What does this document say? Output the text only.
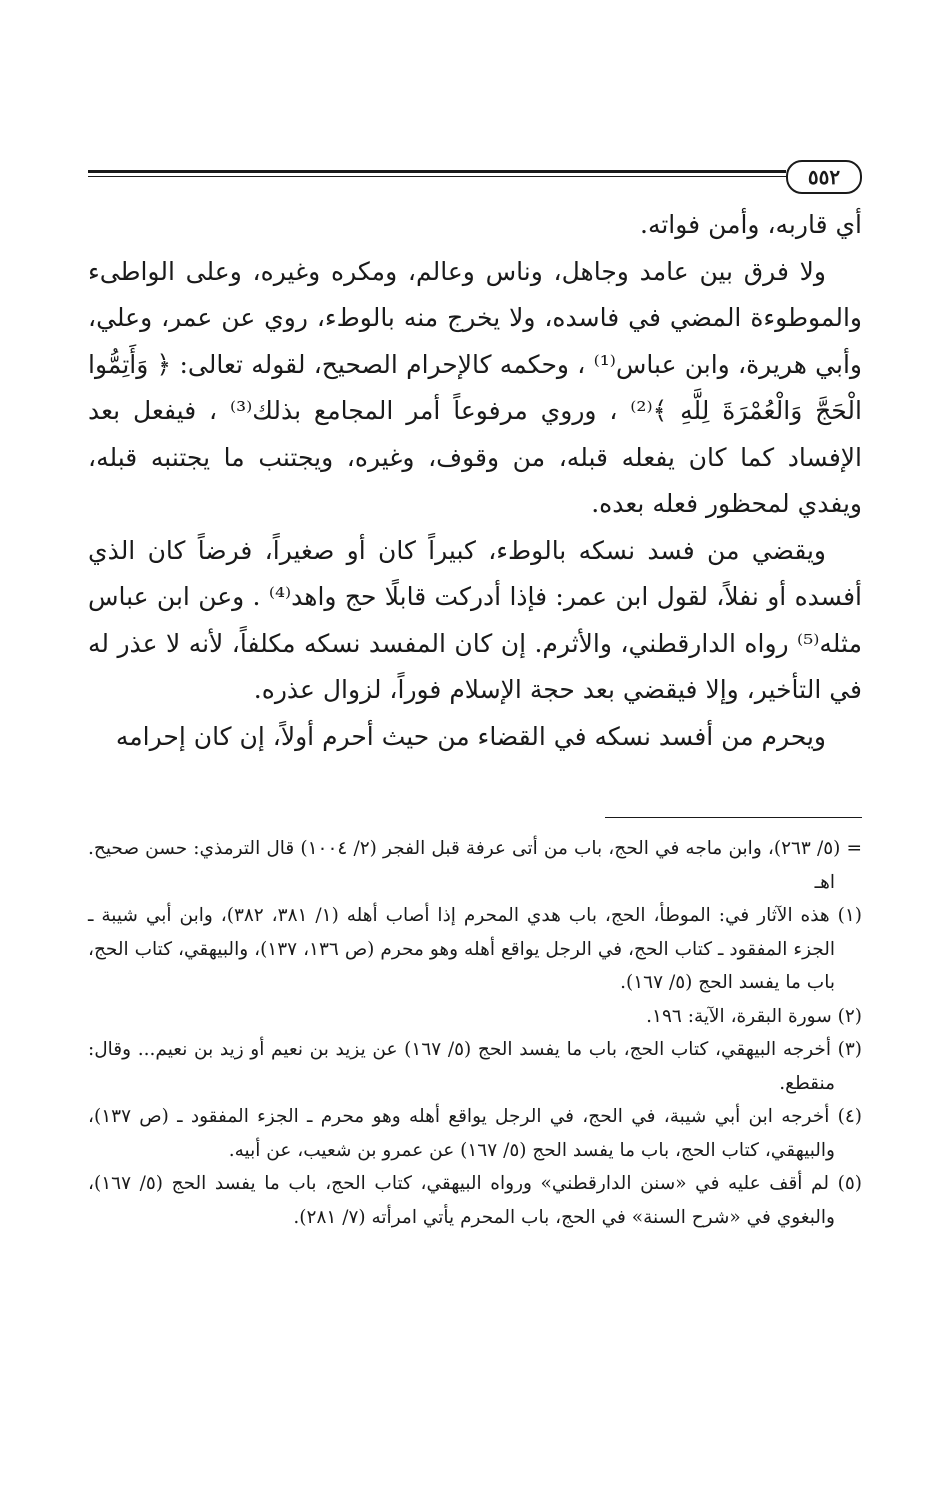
٥٥٢

أي قاربه، وأمن فواته.

ولا فرق بين عامد وجاهل، وناس وعالم، ومكره وغيره، وعلى الواطىء والموطوءة المضي في فاسده، ولا يخرج منه بالوطء، روي عن عمر، وعلي، وأبي هريرة، وابن عباس⁽¹⁾ ، وحكمه كالإحرام الصحيح، لقوله تعالى: ﴿ وَأَتِمُّوا الْحَجَّ وَالْعُمْرَةَ لِلَّهِ ﴾⁽²⁾ ، وروي مرفوعاً أمر المجامع بذلك⁽³⁾ ، فيفعل بعد الإفساد كما كان يفعله قبله، من وقوف، وغيره، ويجتنب ما يجتنبه قبله، ويفدي لمحظور فعله بعده.

ويقضي من فسد نسكه بالوطء، كبيراً كان أو صغيراً، فرضاً كان الذي أفسده أو نفلاً، لقول ابن عمر: فإذا أدركت قابلًا حج واهد⁽⁴⁾ . وعن ابن عباس مثله⁽⁵⁾ رواه الدارقطني، والأثرم. إن كان المفسد نسكه مكلفاً، لأنه لا عذر له في التأخير، وإلا فيقضي بعد حجة الإسلام فوراً، لزوال عذره.

ويحرم من أفسد نسكه في القضاء من حيث أحرم أولاً، إن كان إحرامه

= (٥/ ٢٦٣)، وابن ماجه في الحج، باب من أتى عرفة قبل الفجر (٢/ ١٠٠٤) قال الترمذي: حسن صحيح. اهـ

(١) هذه الآثار في: الموطأ، الحج، باب هدي المحرم إذا أصاب أهله (١/ ٣٨١، ٣٨٢)، وابن أبي شيبة ـ الجزء المفقود ـ كتاب الحج، في الرجل يواقع أهله وهو محرم (ص ١٣٦، ١٣٧)، والبيهقي، كتاب الحج، باب ما يفسد الحج (٥/ ١٦٧).

(٢) سورة البقرة، الآية: ١٩٦.

(٣) أخرجه البيهقي، كتاب الحج، باب ما يفسد الحج (٥/ ١٦٧) عن يزيد بن نعيم أو زيد بن نعيم... وقال: منقطع.

(٤) أخرجه ابن أبي شيبة، في الحج، في الرجل يواقع أهله وهو محرم ـ الجزء المفقود ـ (ص ١٣٧)، والبيهقي، كتاب الحج، باب ما يفسد الحج (٥/ ١٦٧) عن عمرو بن شعيب، عن أبيه.

(٥) لم أقف عليه في «سنن الدارقطني» ورواه البيهقي، كتاب الحج، باب ما يفسد الحج (٥/ ١٦٧)، والبغوي في «شرح السنة» في الحج، باب المحرم يأتي امرأته (٧/ ٢٨١).
